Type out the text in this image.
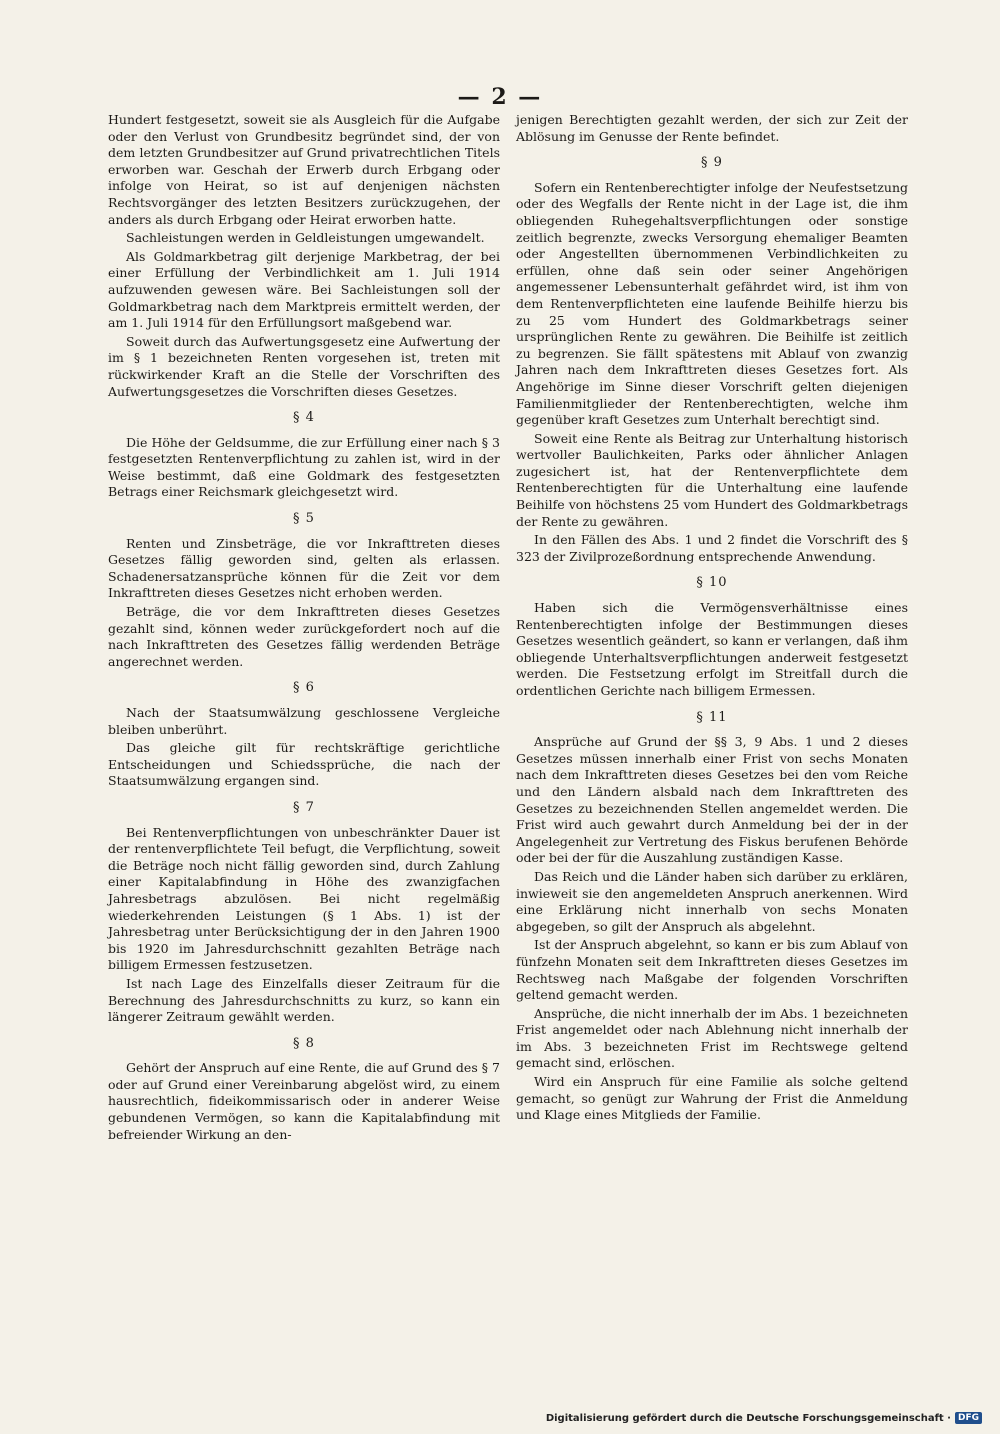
— 2 —

Hundert festgesetzt, soweit sie als Ausgleich für die Aufgabe oder den Verlust von Grundbesitz begründet sind, der von dem letzten Grundbesitzer auf Grund privatrechtlichen Titels erworben war. Geschah der Erwerb durch Erbgang oder infolge von Heirat, so ist auf denjenigen nächsten Rechtsvorgänger des letzten Besitzers zurückzugehen, der anders als durch Erbgang oder Heirat erworben hatte.

Sachleistungen werden in Geldleistungen umgewandelt.

Als Goldmarkbetrag gilt derjenige Markbetrag, der bei einer Erfüllung der Verbindlichkeit am 1. Juli 1914 aufzuwenden gewesen wäre. Bei Sachleistungen soll der Goldmarkbetrag nach dem Marktpreis ermittelt werden, der am 1. Juli 1914 für den Erfüllungsort maßgebend war.

Soweit durch das Aufwertungsgesetz eine Aufwertung der im § 1 bezeichneten Renten vorgesehen ist, treten mit rückwirkender Kraft an die Stelle der Vorschriften des Aufwertungsgesetzes die Vorschriften dieses Gesetzes.

§ 4

Die Höhe der Geldsumme, die zur Erfüllung einer nach § 3 festgesetzten Rentenverpflichtung zu zahlen ist, wird in der Weise bestimmt, daß eine Goldmark des festgesetzten Betrags einer Reichsmark gleichgesetzt wird.

§ 5

Renten und Zinsbeträge, die vor Inkrafttreten dieses Gesetzes fällig geworden sind, gelten als erlassen. Schadenersatzansprüche können für die Zeit vor dem Inkrafttreten dieses Gesetzes nicht erhoben werden.

Beträge, die vor dem Inkrafttreten dieses Gesetzes gezahlt sind, können weder zurückgefordert noch auf die nach Inkrafttreten des Gesetzes fällig werdenden Beträge angerechnet werden.

§ 6

Nach der Staatsumwälzung geschlossene Vergleiche bleiben unberührt.

Das gleiche gilt für rechtskräftige gerichtliche Entscheidungen und Schiedssprüche, die nach der Staatsumwälzung ergangen sind.

§ 7

Bei Rentenverpflichtungen von unbeschränkter Dauer ist der rentenverpflichtete Teil befugt, die Verpflichtung, soweit die Beträge noch nicht fällig geworden sind, durch Zahlung einer Kapitalabfindung in Höhe des zwanzigfachen Jahresbetrags abzulösen. Bei nicht regelmäßig wiederkehrenden Leistungen (§ 1 Abs. 1) ist der Jahresbetrag unter Berücksichtigung der in den Jahren 1900 bis 1920 im Jahresdurchschnitt gezahlten Beträge nach billigem Ermessen festzusetzen.

Ist nach Lage des Einzelfalls dieser Zeitraum für die Berechnung des Jahresdurchschnitts zu kurz, so kann ein längerer Zeitraum gewählt werden.

§ 8

Gehört der Anspruch auf eine Rente, die auf Grund des § 7 oder auf Grund einer Vereinbarung abgelöst wird, zu einem hausrechtlich, fideikommissarisch oder in anderer Weise gebundenen Vermögen, so kann die Kapitalabfindung mit befreiender Wirkung an den-

jenigen Berechtigten gezahlt werden, der sich zur Zeit der Ablösung im Genusse der Rente befindet.

§ 9

Sofern ein Rentenberechtigter infolge der Neufestsetzung oder des Wegfalls der Rente nicht in der Lage ist, die ihm obliegenden Ruhegehaltsverpflichtungen oder sonstige zeitlich begrenzte, zwecks Versorgung ehemaliger Beamten oder Angestellten übernommenen Verbindlichkeiten zu erfüllen, ohne daß sein oder seiner Angehörigen angemessener Lebensunterhalt gefährdet wird, ist ihm von dem Rentenverpflichteten eine laufende Beihilfe hierzu bis zu 25 vom Hundert des Goldmarkbetrags seiner ursprünglichen Rente zu gewähren. Die Beihilfe ist zeitlich zu begrenzen. Sie fällt spätestens mit Ablauf von zwanzig Jahren nach dem Inkrafttreten dieses Gesetzes fort. Als Angehörige im Sinne dieser Vorschrift gelten diejenigen Familienmitglieder der Rentenberechtigten, welche ihm gegenüber kraft Gesetzes zum Unterhalt berechtigt sind.

Soweit eine Rente als Beitrag zur Unterhaltung historisch wertvoller Baulichkeiten, Parks oder ähnlicher Anlagen zugesichert ist, hat der Rentenverpflichtete dem Rentenberechtigten für die Unterhaltung eine laufende Beihilfe von höchstens 25 vom Hundert des Goldmarkbetrags der Rente zu gewähren.

In den Fällen des Abs. 1 und 2 findet die Vorschrift des § 323 der Zivilprozeßordnung entsprechende Anwendung.

§ 10

Haben sich die Vermögensverhältnisse eines Rentenberechtigten infolge der Bestimmungen dieses Gesetzes wesentlich geändert, so kann er verlangen, daß ihm obliegende Unterhaltsverpflichtungen anderweit festgesetzt werden. Die Festsetzung erfolgt im Streitfall durch die ordentlichen Gerichte nach billigem Ermessen.

§ 11

Ansprüche auf Grund der §§ 3, 9 Abs. 1 und 2 dieses Gesetzes müssen innerhalb einer Frist von sechs Monaten nach dem Inkrafttreten dieses Gesetzes bei den vom Reiche und den Ländern alsbald nach dem Inkrafttreten des Gesetzes zu bezeichnenden Stellen angemeldet werden. Die Frist wird auch gewahrt durch Anmeldung bei der in der Angelegenheit zur Vertretung des Fiskus berufenen Behörde oder bei der für die Auszahlung zuständigen Kasse.

Das Reich und die Länder haben sich darüber zu erklären, inwieweit sie den angemeldeten Anspruch anerkennen. Wird eine Erklärung nicht innerhalb von sechs Monaten abgegeben, so gilt der Anspruch als abgelehnt.

Ist der Anspruch abgelehnt, so kann er bis zum Ablauf von fünfzehn Monaten seit dem Inkrafttreten dieses Gesetzes im Rechtsweg nach Maßgabe der folgenden Vorschriften geltend gemacht werden.

Ansprüche, die nicht innerhalb der im Abs. 1 bezeichneten Frist angemeldet oder nach Ablehnung nicht innerhalb der im Abs. 3 bezeichneten Frist im Rechtswege geltend gemacht sind, erlöschen.

Wird ein Anspruch für eine Familie als solche geltend gemacht, so genügt zur Wahrung der Frist die Anmeldung und Klage eines Mitglieds der Familie.

Digitalisierung gefördert durch die Deutsche Forschungsgemeinschaft · DFG
